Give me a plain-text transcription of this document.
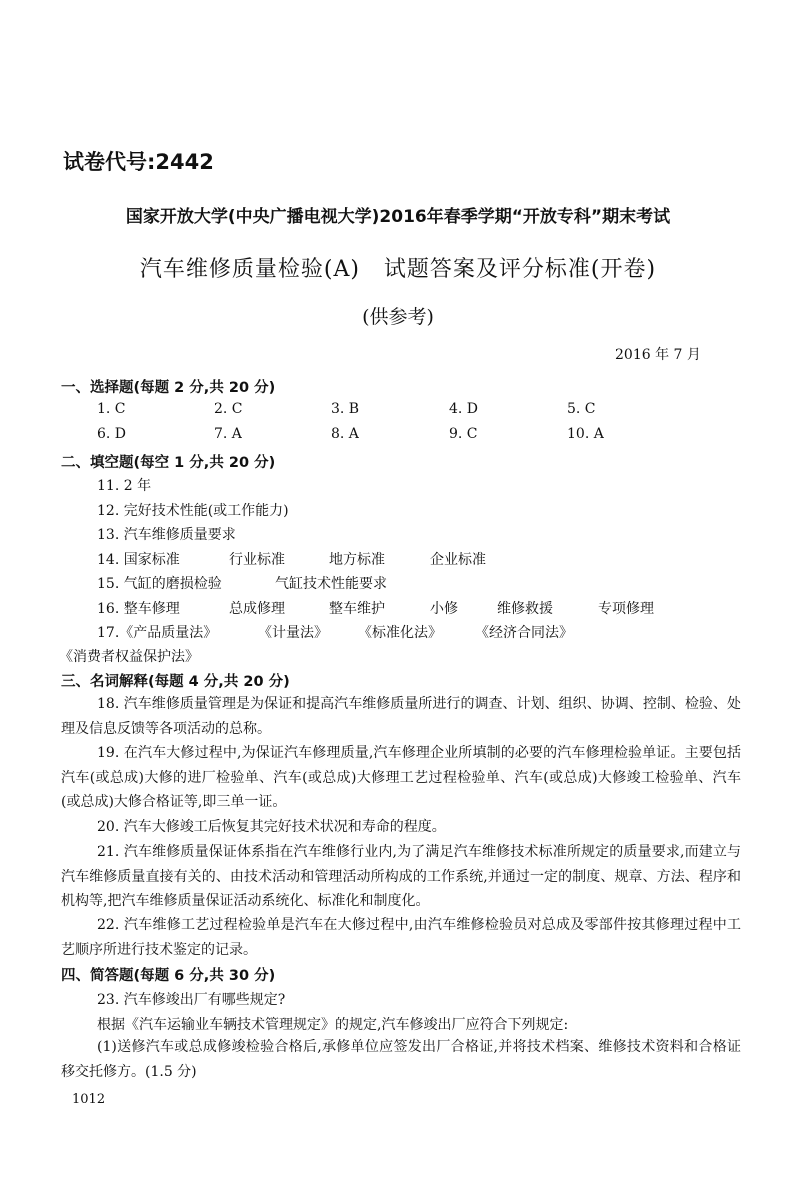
试卷代号:2442
国家开放大学(中央广播电视大学)2016年春季学期“开放专科”期末考试
汽车维修质量检验(A)   试题答案及评分标准(开卷)
(供参考)
2016 年 7 月
一、选择题(每题 2 分,共 20 分)
1. C	2. C	3. B	4. D	5. C
6. D	7. A	8. A	9. C	10. A
二、填空题(每空 1 分,共 20 分)
11. 2 年
12. 完好技术性能(或工作能力)
13. 汽车维修质量要求
14. 国家标准	行业标准	地方标准	企业标准
15. 气缸的磨损检验	气缸技术性能要求
16. 整车修理	总成修理	整车维护	小修	维修救援	专项修理
17.《产品质量法》	《计量法》 《标准化法》 《经济合同法》
《消费者权益保护法》
三、名词解释(每题 4 分,共 20 分)
18. 汽车维修质量管理是为保证和提高汽车维修质量所进行的调查、计划、组织、协调、控制、检验、处理及信息反馈等各项活动的总称。
19. 在汽车大修过程中,为保证汽车修理质量,汽车修理企业所填制的必要的汽车修理检验单证。主要包括汽车(或总成)大修的进厂检验单、汽车(或总成)大修理工艺过程检验单、汽车(或总成)大修竣工检验单、汽车(或总成)大修合格证等,即三单一证。
20. 汽车大修竣工后恢复其完好技术状况和寿命的程度。
21. 汽车维修质量保证体系指在汽车维修行业内,为了满足汽车维修技术标准所规定的质量要求,而建立与汽车维修质量直接有关的、由技术活动和管理活动所构成的工作系统,并通过一定的制度、规章、方法、程序和机构等,把汽车维修质量保证活动系统化、标准化和制度化。
22. 汽车维修工艺过程检验单是汽车在大修过程中,由汽车维修检验员对总成及零部件按其修理过程中工艺顺序所进行技术鉴定的记录。
四、简答题(每题 6 分,共 30 分)
23. 汽车修竣出厂有哪些规定?
根据《汽车运输业车辆技术管理规定》的规定,汽车修竣出厂应符合下列规定:
(1)送修汽车或总成修竣检验合格后,承修单位应签发出厂合格证,并将技术档案、维修技术资料和合格证移交托修方。(1.5 分)
1012
